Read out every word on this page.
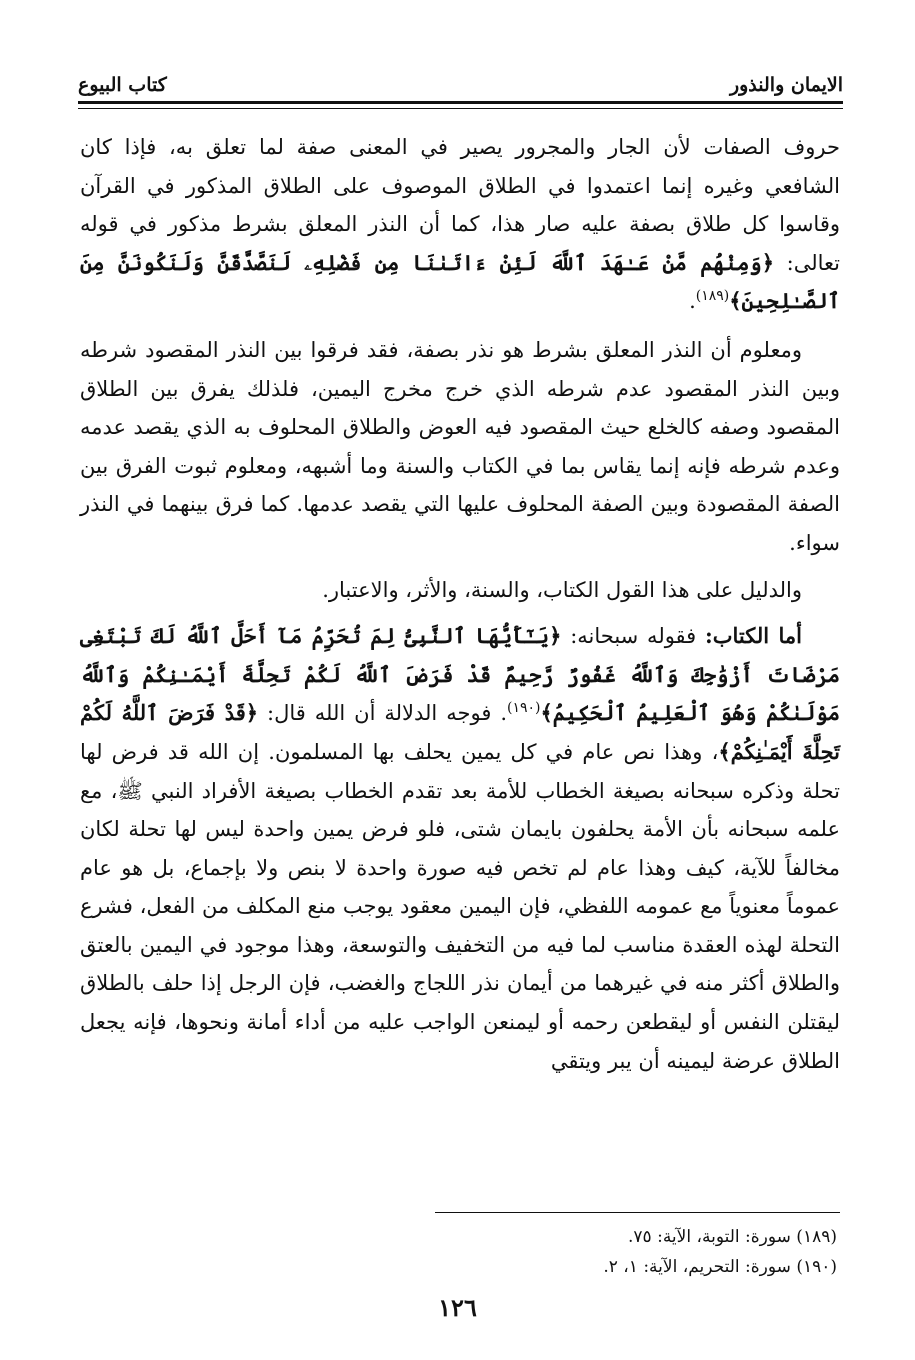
الايمان والنذور
كتاب البيوع

حروف الصفات لأن الجار والمجرور يصير في المعنى صفة لما تعلق به، فإذا كان الشافعي وغيره إنما اعتمدوا في الطلاق الموصوف على الطلاق المذكور في القرآن وقاسوا كل طلاق بصفة عليه صار هذا، كما أن النذر المعلق بشرط مذكور في قوله تعالى: ﴿وَمِنْهُم مَّنْ عَـٰهَدَ ٱللَّهَ لَئِنْ ءَاتَىٰنَا مِن فَضْلِهِۦ لَنَصَّدَّقَنَّ وَلَنَكُونَنَّ مِنَ ٱلصَّـٰلِحِينَ﴾$^{(١٨٩)}$.

ومعلوم أن النذر المعلق بشرط هو نذر بصفة، فقد فرقوا بين النذر المقصود شرطه وبين النذر المقصود عدم شرطه الذي خرج مخرج اليمين، فلذلك يفرق بين الطلاق المقصود وصفه كالخلع حيث المقصود فيه العوض والطلاق المحلوف به الذي يقصد عدمه وعدم شرطه فإنه إنما يقاس بما في الكتاب والسنة وما أشبهه، ومعلوم ثبوت الفرق بين الصفة المقصودة وبين الصفة المحلوف عليها التي يقصد عدمها. كما فرق بينهما في النذر سواء.

والدليل على هذا القول الكتاب، والسنة، والأثر، والاعتبار.

أما الكتاب: فقوله سبحانه: ﴿يَـٰٓأَيُّهَا ٱلنَّبِىُّ لِمَ تُحَرِّمُ مَآ أَحَلَّ ٱللَّهُ لَكَ تَبْتَغِى مَرْضَاتَ أَزْوَٰجِكَ وَٱللَّهُ غَفُورٌ رَّحِيمٌ قَدْ فَرَضَ ٱللَّهُ لَكُمْ تَحِلَّةَ أَيْمَـٰنِكُمْ وَٱللَّهُ مَوْلَىٰكُمْ وَهُوَ ٱلْعَلِيمُ ٱلْحَكِيمُ﴾$^{(١٩٠)}$. فوجه الدلالة أن الله قال: ﴿قَدْ فَرَضَ ٱللَّهُ لَكُمْ تَحِلَّةَ أَيْمَـٰنِكُمْ﴾، وهذا نص عام في كل يمين يحلف بها المسلمون. إن الله قد فرض لها تحلة وذكره سبحانه بصيغة الخطاب للأمة بعد تقدم الخطاب بصيغة الأفراد النبي ﷺ، مع علمه سبحانه بأن الأمة يحلفون بايمان شتى، فلو فرض يمين واحدة ليس لها تحلة لكان مخالفاً للآية، كيف وهذا عام لم تخص فيه صورة واحدة لا بنص ولا بإجماع، بل هو عام عموماً معنوياً مع عمومه اللفظي، فإن اليمين معقود يوجب منع المكلف من الفعل، فشرع التحلة لهذه العقدة مناسب لما فيه من التخفيف والتوسعة، وهذا موجود في اليمين بالعتق والطلاق أكثر منه في غيرهما من أيمان نذر اللجاج والغضب، فإن الرجل إذا حلف بالطلاق ليقتلن النفس أو ليقطعن رحمه أو ليمنعن الواجب عليه من أداء أمانة ونحوها، فإنه يجعل الطلاق عرضة ليمينه أن يبر ويتقي

(١٨٩) سورة: التوبة، الآية: ٧٥.

(١٩٠) سورة: التحريم، الآية: ١، ٢.

١٢٦
